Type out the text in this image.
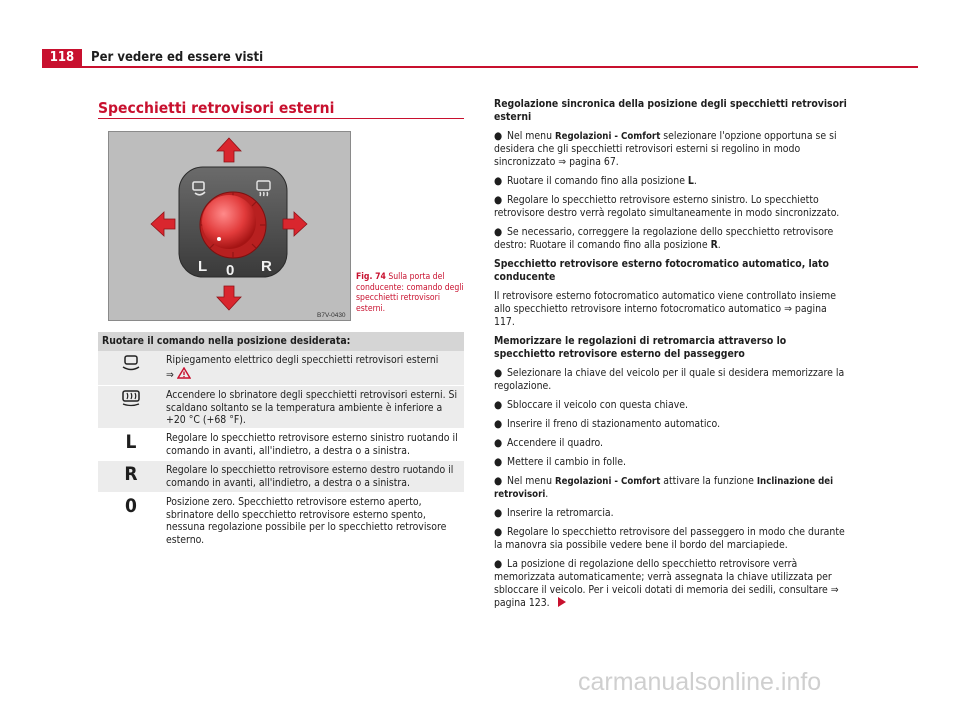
118	Per vedere ed essere visti
Specchietti retrovisori esterni
L 0 R
B7V-0430
Fig. 74 Sulla porta del conducente: comando degli specchietti retrovisori esterni.
Ruotare il comando nella posizione desiderata:
Ripiegamento elettrico degli specchietti retrovisori esterni
⇒
Accendere lo sbrinatore degli specchietti retrovisori esterni. Si scaldano soltanto se la temperatura ambiente è inferiore a +20 °C (+68 °F).
L	Regolare lo specchietto retrovisore esterno sinistro ruotando il comando in avanti, all'indietro, a destra o a sinistra.
R	Regolare lo specchietto retrovisore esterno destro ruotando il comando in avanti, all'indietro, a destra o a sinistra.
0	Posizione zero. Specchietto retrovisore esterno aperto, sbrinatore dello specchietto retrovisore esterno spento, nessuna regolazione possibile per lo specchietto retrovisore esterno.
Regolazione sincronica della posizione degli specchietti retrovisori esterni
● Nel menu Regolazioni - Comfort selezionare l'opzione opportuna se si desidera che gli specchietti retrovisori esterni si regolino in modo sincronizzato ⇒ pagina 67.
● Ruotare il comando fino alla posizione L.
● Regolare lo specchietto retrovisore esterno sinistro. Lo specchietto retrovisore destro verrà regolato simultaneamente in modo sincronizzato.
● Se necessario, correggere la regolazione dello specchietto retrovisore destro: Ruotare il comando fino alla posizione R.
Specchietto retrovisore esterno fotocromatico automatico, lato conducente
Il retrovisore esterno fotocromatico automatico viene controllato insieme allo specchietto retrovisore interno fotocromatico automatico ⇒ pagina 117.
Memorizzare le regolazioni di retromarcia attraverso lo specchietto retrovisore esterno del passeggero
● Selezionare la chiave del veicolo per il quale si desidera memorizzare la regolazione.
● Sbloccare il veicolo con questa chiave.
● Inserire il freno di stazionamento automatico.
● Accendere il quadro.
● Mettere il cambio in folle.
● Nel menu Regolazioni - Comfort attivare la funzione Inclinazione dei retrovisori.
● Inserire la retromarcia.
● Regolare lo specchietto retrovisore del passeggero in modo che durante la manovra sia possibile vedere bene il bordo del marciapiede.
● La posizione di regolazione dello specchietto retrovisore verrà memorizzata automaticamente; verrà assegnata la chiave utilizzata per sbloccare il veicolo. Per i veicoli dotati di memoria dei sedili, consultare ⇒ pagina 123.
carmanualsonline.info
